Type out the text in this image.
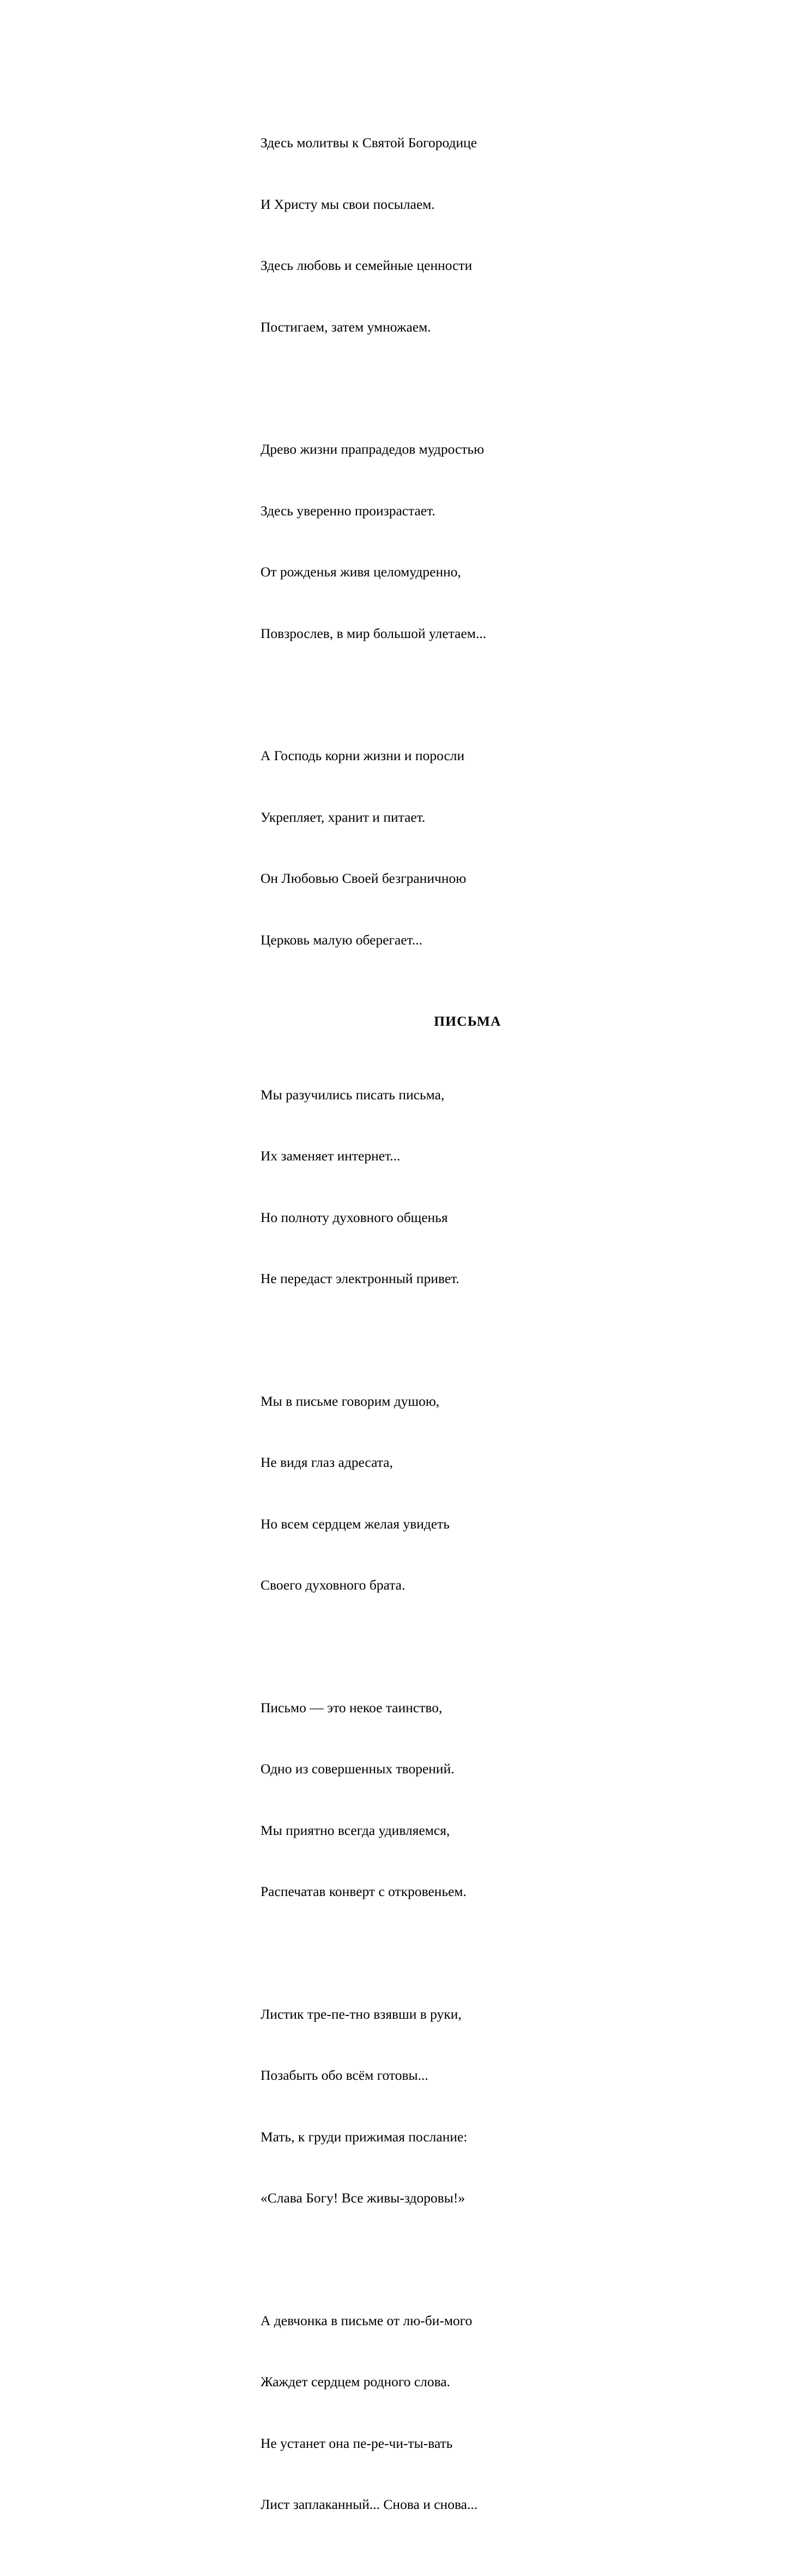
Здесь молитвы к Святой Богородице

И Христу мы свои посылаем.

Здесь любовь и семейные ценности

Постигаем, затем умножаем.

Древо жизни прапрадедов мудростью

Здесь уверенно произрастает.

От рожденья живя целомудренно,

Повзрослев, в мир большой улетаем...

А Господь корни жизни и поросли

Укрепляет, хранит и питает.

Он Любовью Своей безграничною

Церковь малую оберегает...

ПИСЬМА

Мы разучились писать письма,

Их заменяет интернет...

Но полноту духовного общенья

Не передаст электронный привет.

Мы в письме говорим душою,

Не видя глаз адресата,

Но всем сердцем желая увидеть

Своего духовного брата.

Письмо — это некое таинство,

Одно из совершенных творений.

Мы приятно всегда удивляемся,

Распечатав конверт с откровеньем.

Листик тре-пе-тно взявши в руки,

Позабыть обо всём готовы...

Мать, к груди прижимая послание:

«Слава Богу! Все живы-здоровы!»

А девчонка в письме от лю-би-мого

Жаждет сердцем родного слова.

Не устанет она пе-ре-чи-ты-вать

Лист заплаканный... Снова и снова...
